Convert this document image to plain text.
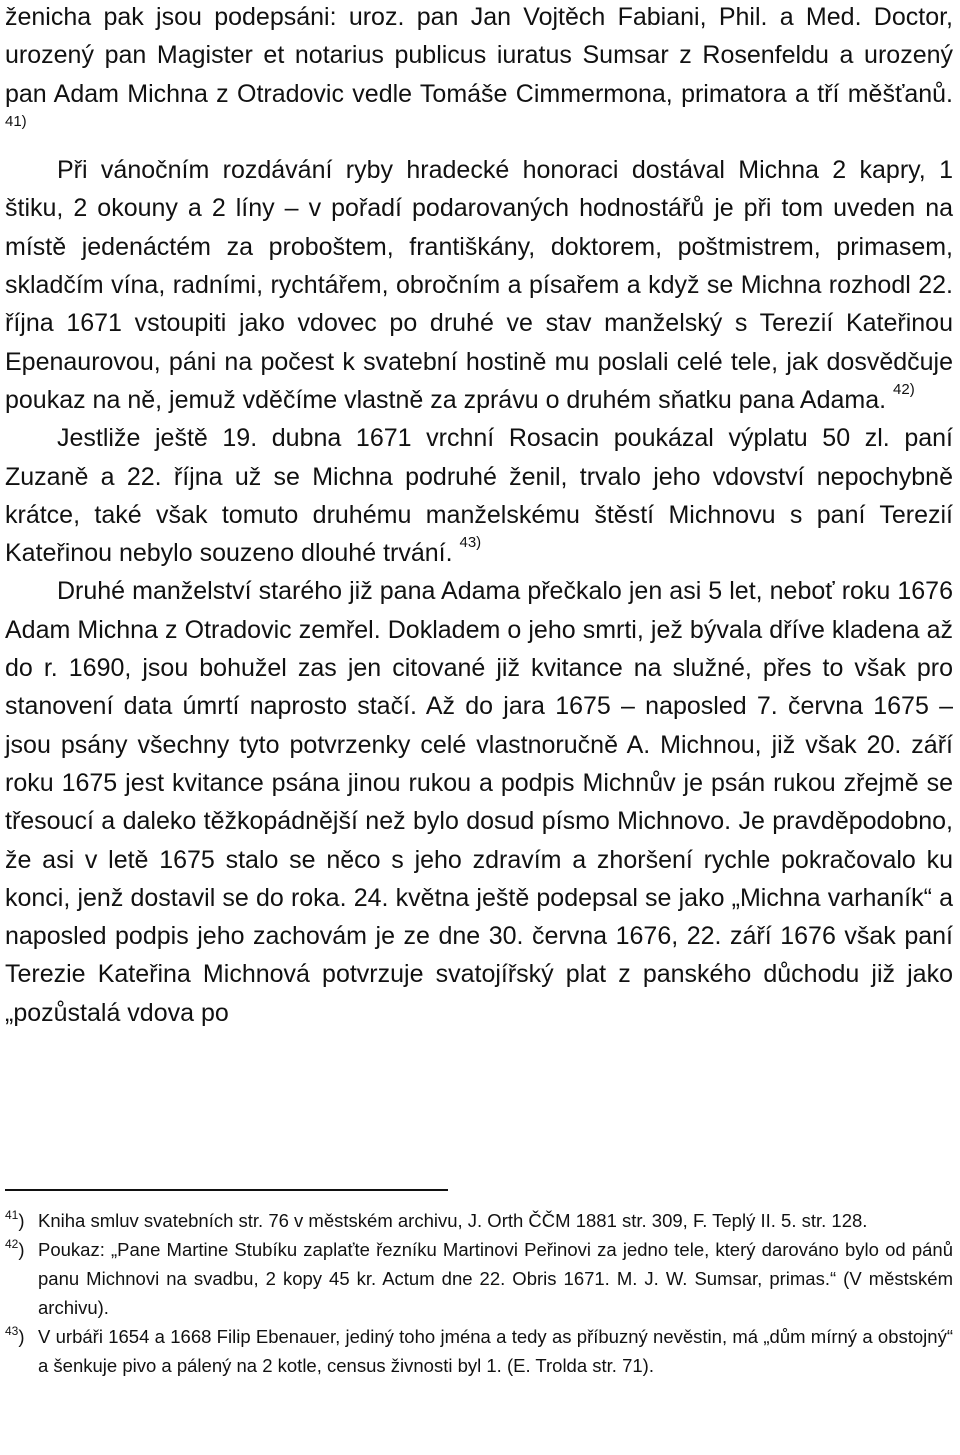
ženicha pak jsou podepsáni: uroz. pan Jan Vojtěch Fabiani, Phil. a Med. Doctor, urozený pan Magister et notarius publicus iuratus Sumsar z Rosenfeldu a urozený pan Adam Michna z Otradovic vedle Tomáše Cimmermona, primatora a tří měšťanů. $^{41)}$

Při vánočním rozdávání ryby hradecké honoraci dostával Michna 2 kapry, 1 štiku, 2 okouny a 2 líny – v pořadí podarovaných hodnostářů je při tom uveden na místě jedenáctém za proboštem, františkány, doktorem, poštmistrem, primasem, skladčím vína, radními, rychtářem, obročním a písařem a když se Michna rozhodl 22. října 1671 vstoupiti jako vdovec po druhé ve stav manželský s Terezií Kateřinou Epenaurovou, páni na počest k svatební hostině mu poslali celé tele, jak dosvědčuje poukaz na ně, jemuž vděčíme vlastně za zprávu o druhém sňatku pana Adama. $^{42)}$

Jestliže ještě 19. dubna 1671 vrchní Rosacin poukázal výplatu 50 zl. paní Zuzaně a 22. října už se Michna podruhé ženil, trvalo jeho vdovství nepochybně krátce, také však tomuto druhému manželskému štěstí Michnovu s paní Terezií Kateřinou nebylo souzeno dlouhé trvání. $^{43)}$

Druhé manželství starého již pana Adama přečkalo jen asi 5 let, neboť roku 1676 Adam Michna z Otradovic zemřel. Dokladem o jeho smrti, jež bývala dříve kladena až do r. 1690, jsou bohužel zas jen citované již kvitance na služné, přes to však pro stanovení data úmrtí naprosto stačí. Až do jara 1675 – naposled 7. června 1675 – jsou psány všechny tyto potvrzenky celé vlastnoručně A. Michnou, již však 20. září roku 1675 jest kvitance psána jinou rukou a podpis Michnův je psán rukou zřejmě se třesoucí a daleko těžkopádnější než bylo dosud písmo Michnovo. Je pravděpodobno, že asi v letě 1675 stalo se něco s jeho zdravím a zhoršení rychle pokračovalo ku konci, jenž dostavil se do roka. 24. května ještě podepsal se jako „Michna varhaník“ a naposled podpis jeho zachovám je ze dne 30. června 1676, 22. září 1676 však paní Terezie Kateřina Michnová potvrzuje svatojířský plat z panského důchodu již jako „pozůstalá vdova po

$^{41}$) Kniha smluv svatebních str. 76 v městském archivu, J. Orth ČČM 1881 str. 309, F. Teplý II. 5. str. 128.

$^{42}$) Poukaz: „Pane Martine Stubíku zaplaťte řezníku Martinovi Peřinovi za jedno tele, který darováno bylo od pánů panu Michnovi na svadbu, 2 kopy 45 kr. Actum dne 22. Obris 1671. M. J. W. Sumsar, primas.“ (V městském archivu).

$^{43}$) V urbáři 1654 a 1668 Filip Ebenauer, jediný toho jména a tedy as příbuzný nevěstin, má „dům mírný a obstojný“ a šenkuje pivo a pálený na 2 kotle, census živnosti byl 1. (E. Trolda str. 71).
